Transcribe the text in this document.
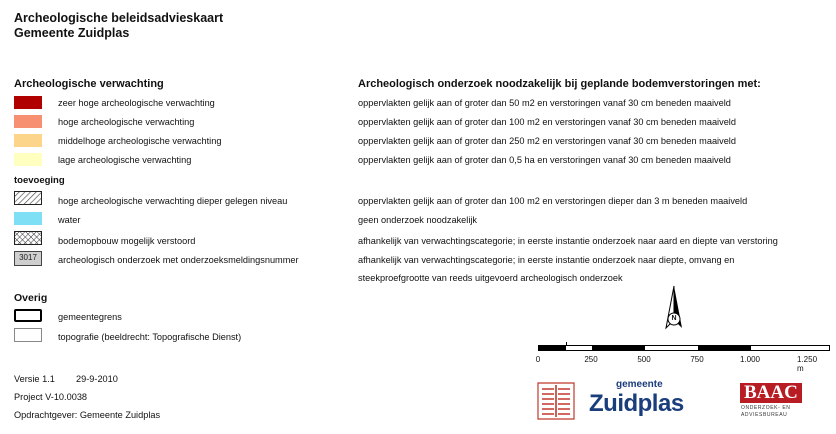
Archeologische beleidsadvieskaart
Gemeente Zuidplas
Archeologische verwachting	Archeologisch onderzoek noodzakelijk bij geplande bodemverstoringen met:
zeer hoge archeologische verwachting	oppervlakten gelijk aan of groter dan 50 m2 en verstoringen vanaf 30 cm beneden maaiveld
hoge archeologische verwachting	oppervlakten gelijk aan of groter dan 100 m2 en verstoringen vanaf 30 cm beneden maaiveld
middelhoge archeologische verwachting	oppervlakten gelijk aan of groter dan 250 m2 en verstoringen vanaf 30 cm beneden maaiveld
lage archeologische verwachting	oppervlakten gelijk aan of groter dan 0,5 ha en verstoringen vanaf 30 cm beneden maaiveld
toevoeging
hoge archeologische verwachting dieper gelegen niveau	oppervlakten gelijk aan of groter dan 100 m2 en verstoringen dieper dan 3 m beneden maaiveld
water	geen onderzoek noodzakelijk
bodemopbouw mogelijk verstoord	afhankelijk van verwachtingscategorie; in eerste instantie onderzoek naar aard en diepte van verstoring
3017	archeologisch onderzoek met onderzoeksmeldingsnummer	afhankelijk van verwachtingscategorie; in eerste instantie onderzoek naar diepte, omvang en
steekproefgrootte van reeds uitgevoerd archeologisch onderzoek
Overig
gemeentegrens
topografie (beeldrecht: Topografische Dienst)
Versie 1.1 29-9-2010
Project V-10.0038
Opdrachtgever: Gemeente Zuidplas
N
0	250	500	750	1.000	1.250 m
gemeente
Zuidplas	BAAC
ONDERZOEK- EN
ADVIESBUREAU
